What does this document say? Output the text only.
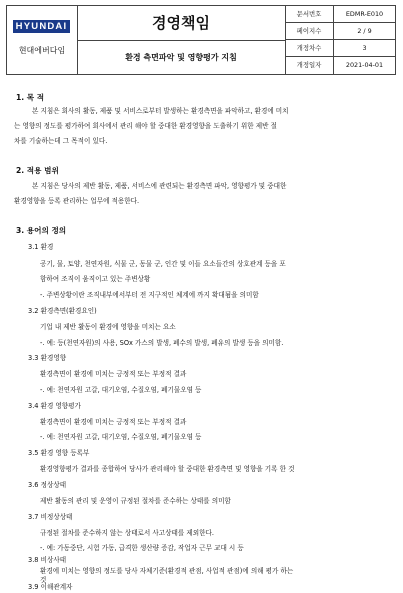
HYUNDAI
현대에버다임
경영책임
환경 측면파악 및 영향평가 지침
문서번호	EDMR-E010
페이지수	2 / 9
개정차수	3
개정일자	2021-04-01
1. 목 적
본 지침은 회사의 활동, 제품 및 서비스로부터 발생하는 환경측면을 파악하고, 환경에 미치
는 영향의 정도를 평가하여 회사에서 관리 해야 할 중대한 환경영향을 도출하기 위한 제반 절
차를 기술하는데 그 목적이 있다.
2. 적용 범위
본 지침은 당사의 제반 활동, 제품, 서비스에 관련되는 환경측면 파악, 영향평가 및 중대한
환경영향을 등록 관리하는 업무에 적용한다.
3. 용어의 정의
3.1 환경
공기, 물, 토양, 천연자원, 식물 군, 동물 군, 인간 및 이들 요소들간의 상호관계 등을 포
함하여 조직이 움직이고 있는 주변상황
-. 주변상황이란 조직내부에서부터 전 지구적인 체계에 까지 확대됨을 의미함
3.2 환경측면(환경요인)
기업 내 제반 활동이 환경에 영향을 미치는 요소
-. 예: 등(천연자원)의 사용, SOx 가스의 발생, 폐수의 발생, 폐유의 발생 등을 의미함.
3.3 환경영향
환경측면이 환경에 미치는 긍정적 또는 부정적 결과
-. 예: 천연자원 고갈, 대기오염, 수질오염, 폐기물오염 등
3.4 환경 영향평가
환경측면이 환경에 미치는 긍정적 또는 부정적 결과
-. 예: 천연자원 고갈, 대기오염, 수질오염, 폐기물오염 등
3.5 환경 영향 등록부
환경영향평가 결과를 종합하여 당사가 관리해야 할 중대한 환경측면 및 영향을 기록 한 것
3.6 정상상태
제반 활동의 관리 및 운영이 규정된 절차를 준수하는 상태를 의미함
3.7 비정상상태
규정된 절차를 준수하지 않는 상태로서 사고상태를 제외한다.
-. 예: 가동중단, 시험 가동, 급격한 생산량 증감, 작업자 근무 교대 시 등
3.8 비상사태
환경에 미치는 영향의 정도를 당사 자체기준(환경적 관점, 사업적 관점)에 의해 평가 하는
것
3.9 이해관계자
